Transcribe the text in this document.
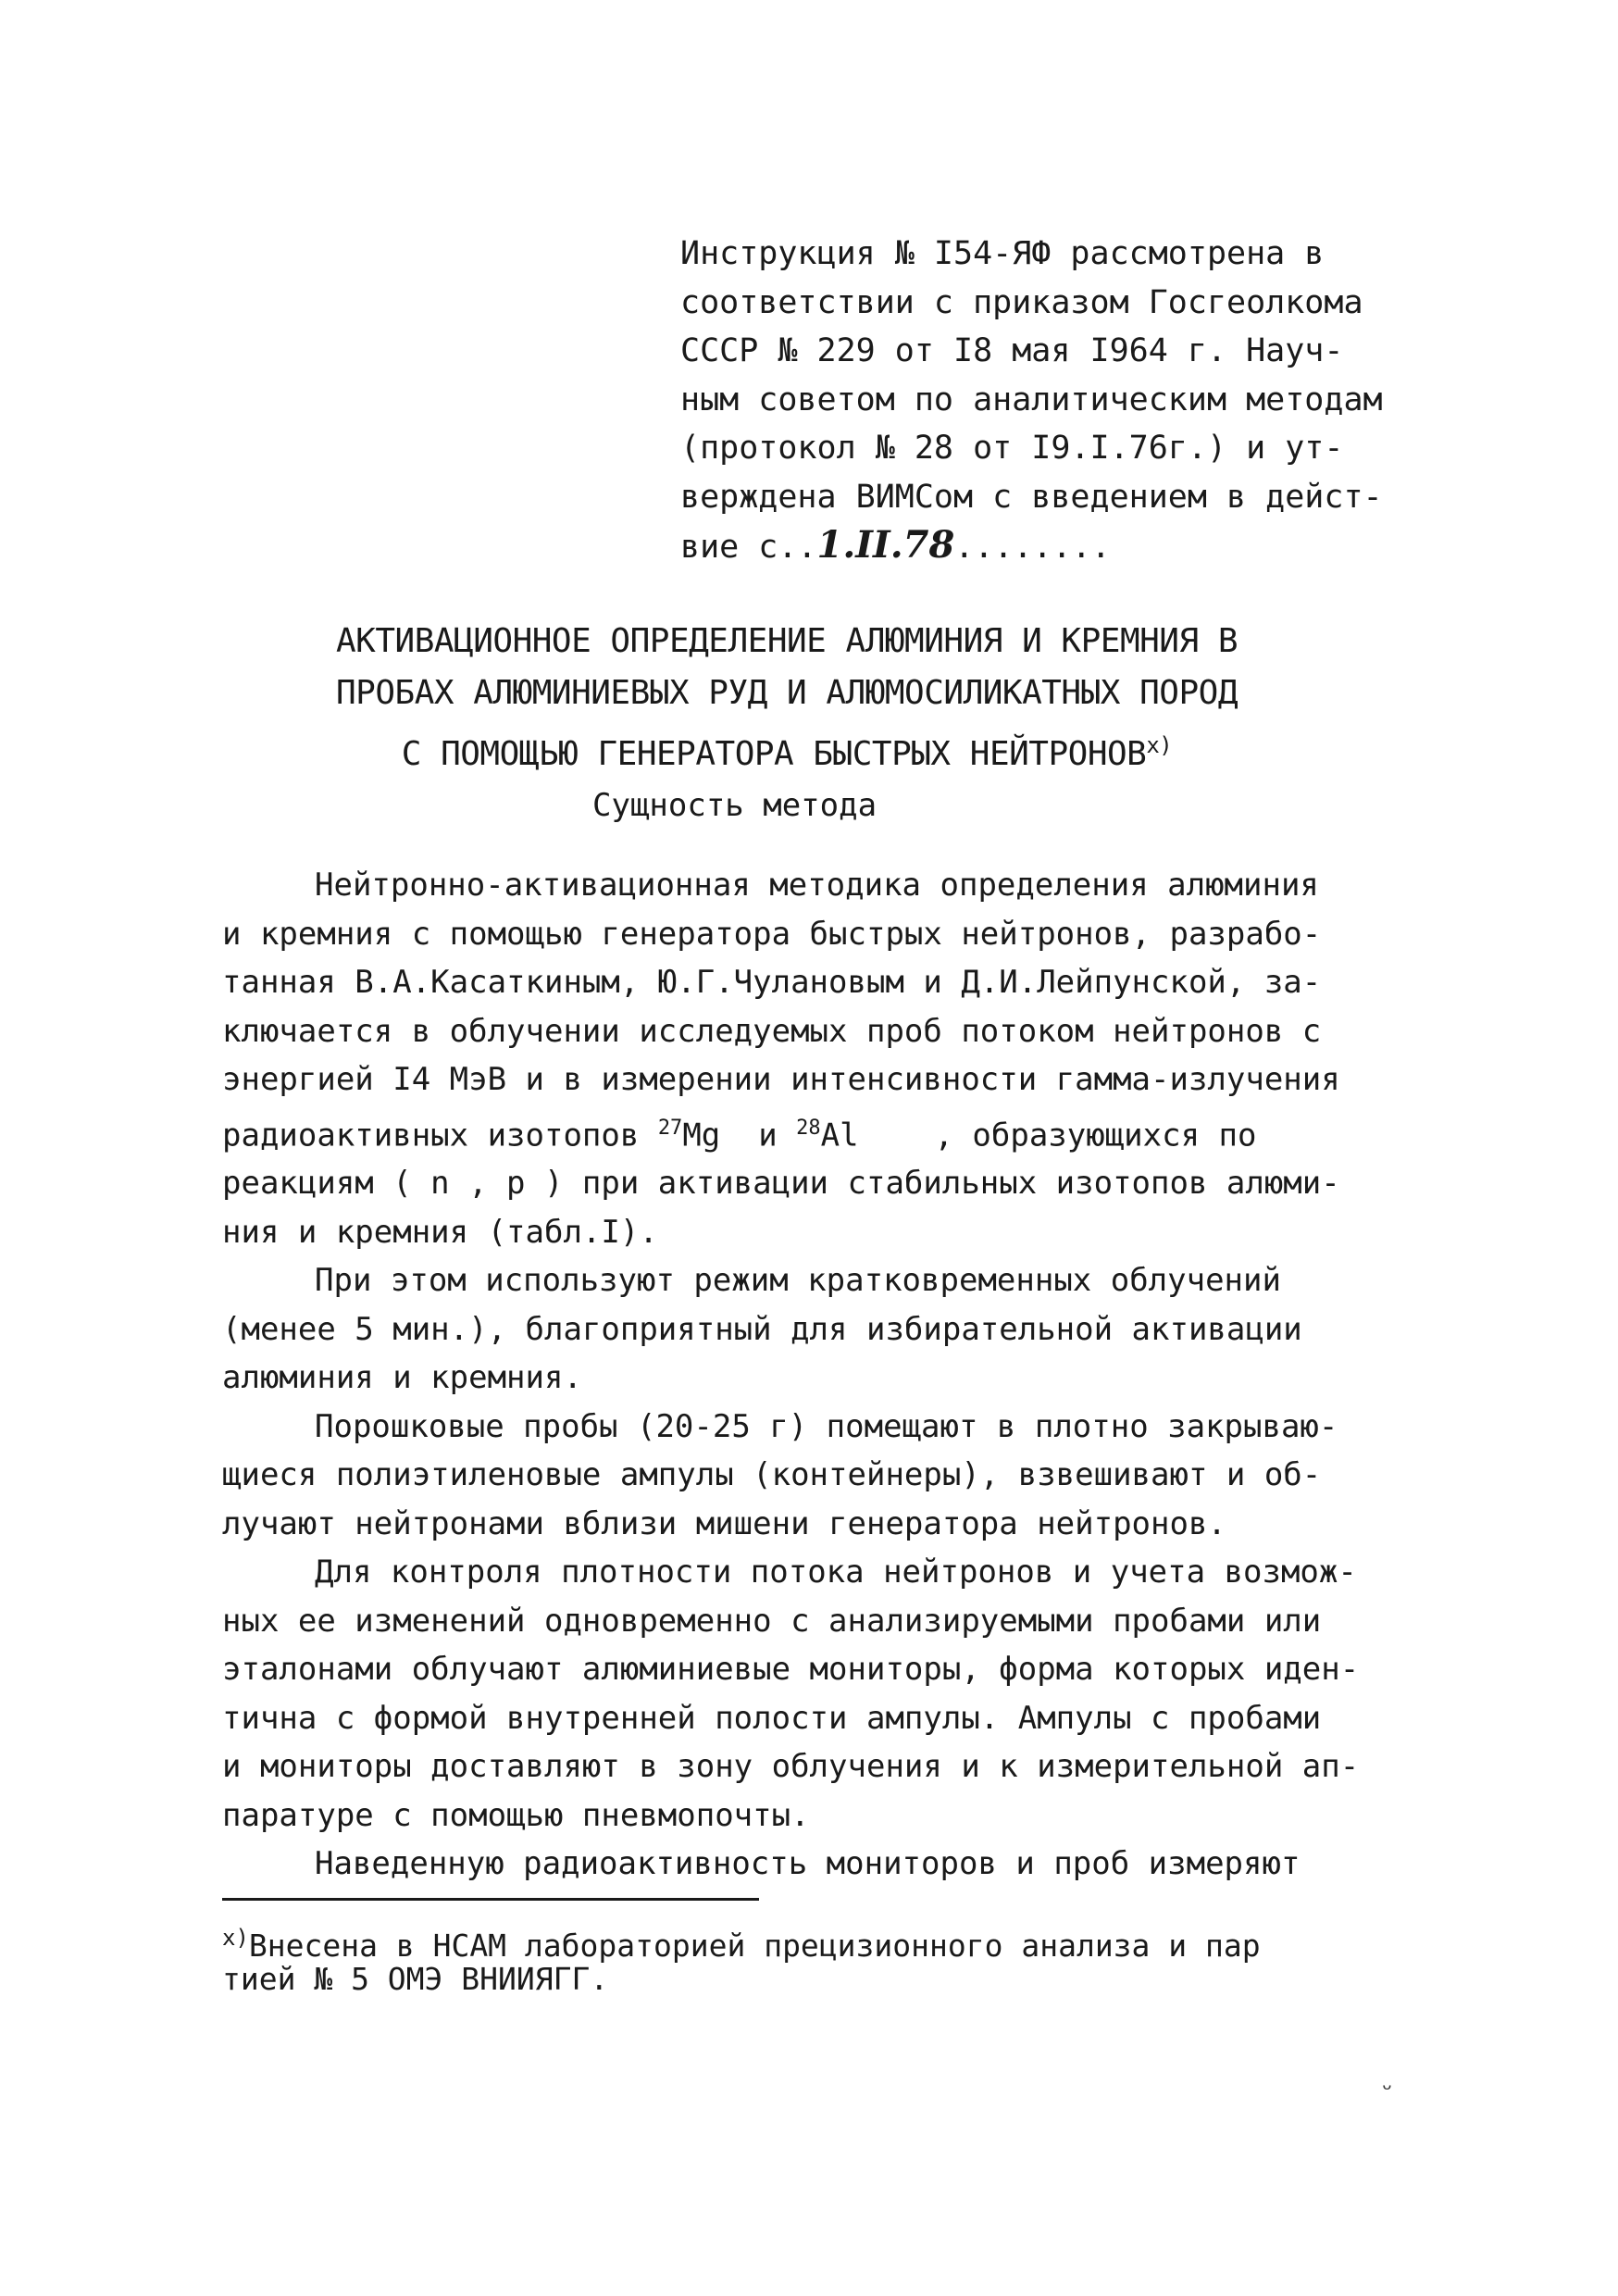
Инструкция № I54-ЯФ рассмотрена в
соответствии с приказом Госгеолкома
СССР № 229 от I8 мая I964 г. Науч-
ным советом по аналитическим методам
(протокол № 28 от I9.I.76г.) и ут-
верждена ВИМСом с введением в дейст-
вие с..1.II.78........
АКТИВАЦИОННОЕ ОПРЕДЕЛЕНИЕ АЛЮМИНИЯ И КРЕМНИЯ В
ПРОБАХ АЛЮМИНИЕВЫХ РУД И АЛЮМОСИЛИКАТНЫХ ПОРОД
С ПОМОЩЬЮ ГЕНЕРАТОРА БЫСТРЫХ НЕЙТРОНОВ$^{x)}$
Сущность метода
Нейтронно-активационная методика определения алюминия
и кремния с помощью генератора быстрых нейтронов, разрабо-
танная В.А.Касаткиным, Ю.Г.Чулановым и Д.И.Лейпунской, за-
ключается в облучении исследуемых проб потоком нейтронов с
энергией I4 МэВ и в измерении интенсивности гамма-излучения
радиоактивных изотопов $^{27}$Mg  и $^{28}$Al    , образующихся по
реакциям ( n , p ) при активации стабильных изотопов алюми-
ния и кремния (табл.I).
При этом используют режим кратковременных облучений
(менее 5 мин.), благоприятный для избирательной активации
алюминия и кремния.
Порошковые пробы (20-25 г) помещают в плотно закрываю-
щиеся полиэтиленовые ампулы (контейнеры), взвешивают и об-
лучают нейтронами вблизи мишени генератора нейтронов.
Для контроля плотности потока нейтронов и учета возмож-
ных ее изменений одновременно с анализируемыми пробами или
эталонами облучают алюминиевые мониторы, форма которых иден-
тична с формой внутренней полости ампулы. Ампулы с пробами
и мониторы доставляют в зону облучения и к измерительной ап-
паратуре с помощью пневмопочты.
Наведенную радиоактивность мониторов и проб измеряют
$^{x)}$Внесена в НСАМ лабораторией прецизионного анализа и пар
тией № 5 ОМЭ ВНИИЯГГ.
ᵕ
